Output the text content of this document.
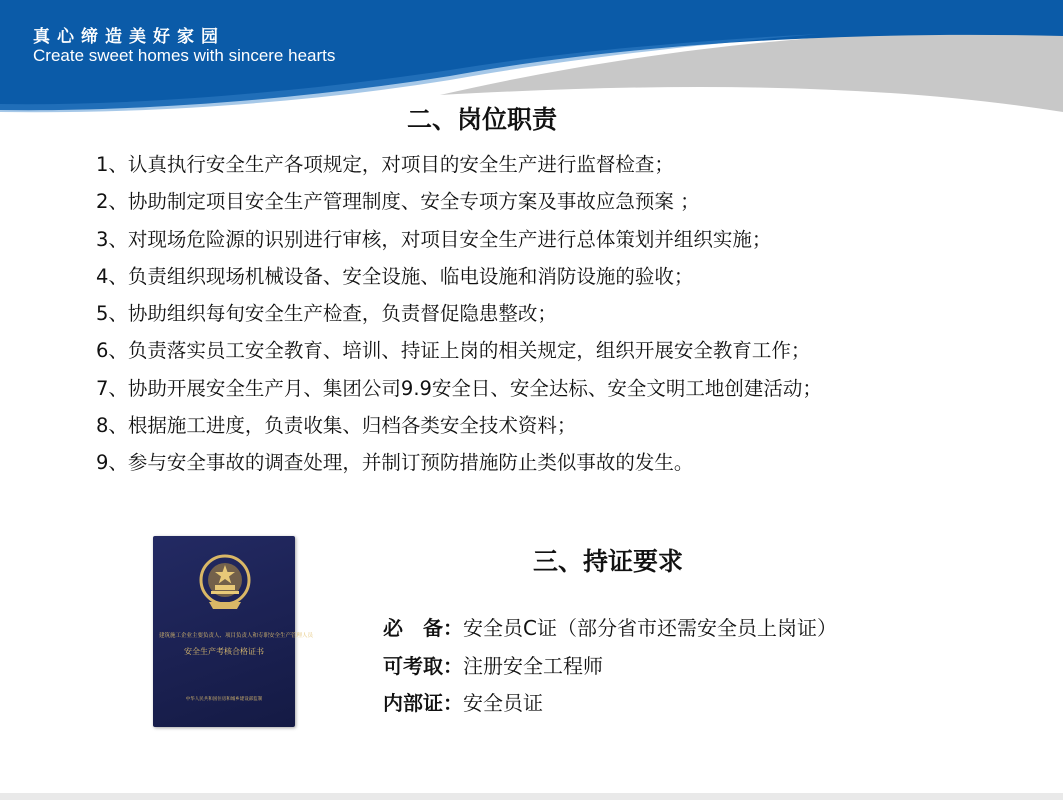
真心缔造美好家园
Create sweet homes with sincere hearts
二、岗位职责
1、认真执行安全生产各项规定，对项目的安全生产进行监督检查；
2、协助制定项目安全生产管理制度、安全专项方案及事故应急预案 ；
3、对现场危险源的识别进行审核，对项目安全生产进行总体策划并组织实施；
4、负责组织现场机械设备、安全设施、临电设施和消防设施的验收；
5、协助组织每旬安全生产检查，负责督促隐患整改；
6、负责落实员工安全教育、培训、持证上岗的相关规定，组织开展安全教育工作；
7、协助开展安全生产月、集团公司9.9安全日、安全达标、安全文明工地创建活动；
8、根据施工进度，负责收集、归档各类安全技术资料；
9、参与安全事故的调查处理，并制订预防措施防止类似事故的发生。
建筑施工企业主要负责人、项目负责人和专职安全生产管理人员
安全生产考核合格证书
中华人民共和国住房和城乡建设部监制
三、持证要求
必　备：安全员C证（部分省市还需安全员上岗证）
可考取：注册安全工程师
内部证：安全员证
